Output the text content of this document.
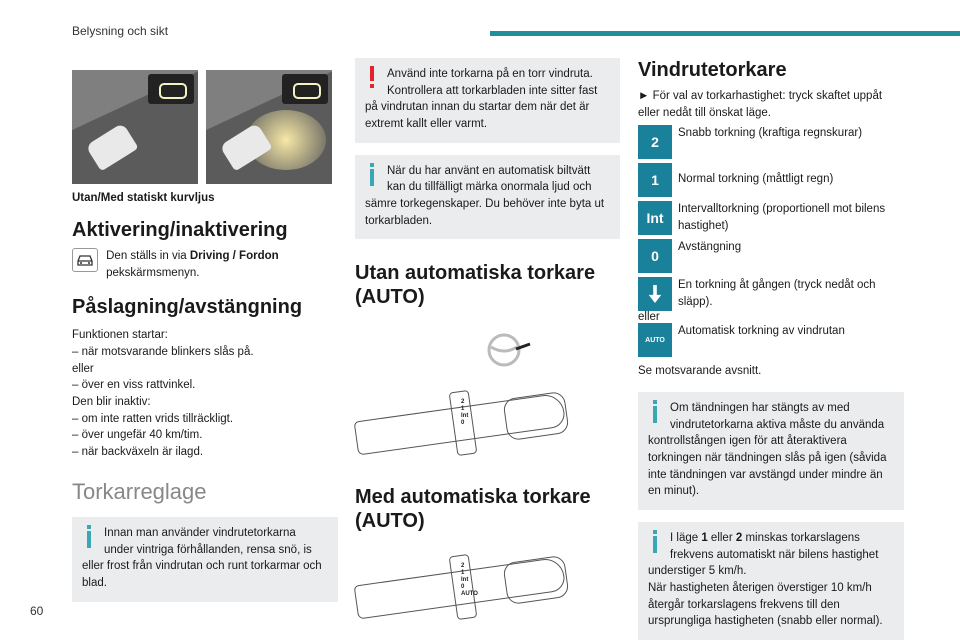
Belysning och sikt
Utan/Med statiskt kurvljus
Aktivering/inaktivering
Den ställs in via Driving / Fordon pekskärmsmenyn.
Påslagning/avstängning
Funktionen startar:
– när motsvarande blinkers slås på.
eller
– över en viss rattvinkel.
Den blir inaktiv:
– om inte ratten vrids tillräckligt.
– över ungefär 40 km/tim.
– när backväxeln är ilagd.
Torkarreglage
Innan man använder vindrutetorkarna under vintriga förhållanden, rensa snö, is eller frost från vindrutan och runt torkarmar och blad.
Använd inte torkarna på en torr vindruta. Kontrollera att torkarbladen inte sitter fast på vindrutan innan du startar dem när det är extremt kallt eller varmt.
När du har använt en automatisk biltvätt kan du tillfälligt märka onormala ljud och sämre torkegenskaper. Du behöver inte byta ut torkarbladen.
Utan automatiska torkare (AUTO)
2
1
Int
0
Med automatiska torkare (AUTO)
2
1
Int
0
AUTO
Vindrutetorkare
► För val av torkarhastighet: tryck skaftet uppåt eller nedåt till önskat läge.
2
Snabb torkning (kraftiga regnskurar)
1	Normal torkning (måttligt regn)
Int
Intervalltorkning (proportionell mot bilens hastighet)
0
Avstängning
En torkning åt gången (tryck nedåt och släpp).
eller
AUTO
Automatisk torkning av vindrutan
Se motsvarande avsnitt.
Om tändningen har stängts av med vindrutetorkarna aktiva måste du använda kontrollstången igen för att återaktivera torkningen när tändningen slås på igen (såvida inte tändningen var avstängd under mindre än en minut).
I läge 1 eller 2 minskas torkarslagens frekvens automatiskt när bilens hastighet understiger 5 km/h.
När hastigheten återigen överstiger 10 km/h återgår torkarslagens frekvens till den ursprungliga hastigheten (snabb eller normal).
60
